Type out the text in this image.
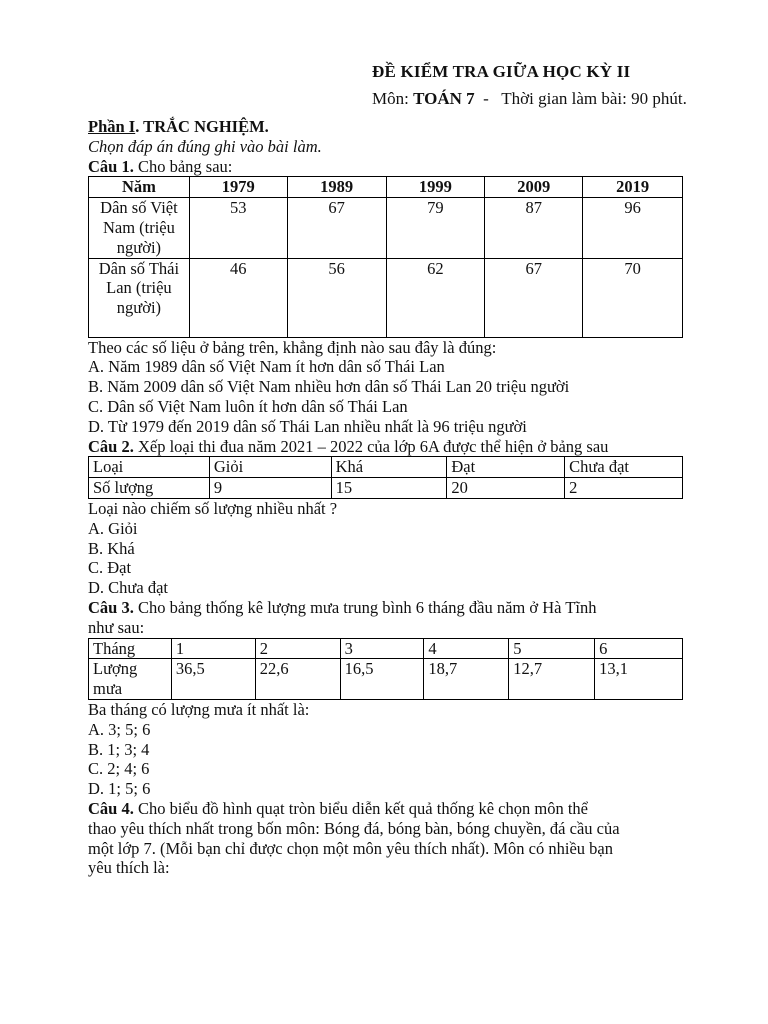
ĐỀ KIỂM TRA GIỮA HỌC KỲ II
Môn: TOÁN 7  -   Thời gian làm bài: 90 phút.
Phần I. TRẮC NGHIỆM.
Chọn đáp án đúng ghi vào bài làm.
Câu 1. Cho bảng sau:
Năm	1979	1989	1999	2009	2019
Dân số Việt Nam (triệu người)	53	67	79	87	96
Dân số Thái Lan (triệu người)	46	56	62	67	70
Theo các số liệu ở bảng trên, khẳng định nào sau đây là đúng:
A. Năm 1989 dân số Việt Nam ít hơn dân số Thái Lan
B. Năm 2009 dân số Việt Nam nhiều hơn dân số Thái Lan 20 triệu người
C. Dân số Việt Nam luôn ít hơn dân số Thái Lan
D. Từ 1979 đến 2019 dân số Thái Lan nhiều nhất là 96 triệu người
Câu 2. Xếp loại thi đua năm 2021 – 2022 của lớp 6A được thể hiện ở bảng sau
Loại	Giỏi	Khá	Đạt	Chưa đạt
Số lượng	9	15	20	2
Loại nào chiếm số lượng nhiều nhất ?
A. Giỏi
B. Khá
C. Đạt
D. Chưa đạt
Câu 3. Cho bảng thống kê lượng mưa trung bình 6 tháng đầu năm ở Hà Tĩnh
như sau:
Tháng	1	2	3	4	5	6
Lượng mưa	36,5	22,6	16,5	18,7	12,7	13,1
Ba tháng có lượng mưa ít nhất là:
A. 3; 5; 6
B. 1; 3; 4
C. 2; 4; 6
D. 1; 5; 6
Câu 4. Cho biểu đồ hình quạt tròn biểu diễn kết quả thống kê chọn môn thể
thao yêu thích nhất trong bốn môn: Bóng đá, bóng bàn, bóng chuyền, đá cầu của
một lớp 7. (Mỗi bạn chỉ được chọn một môn yêu thích nhất). Môn có nhiều bạn
yêu thích là:
